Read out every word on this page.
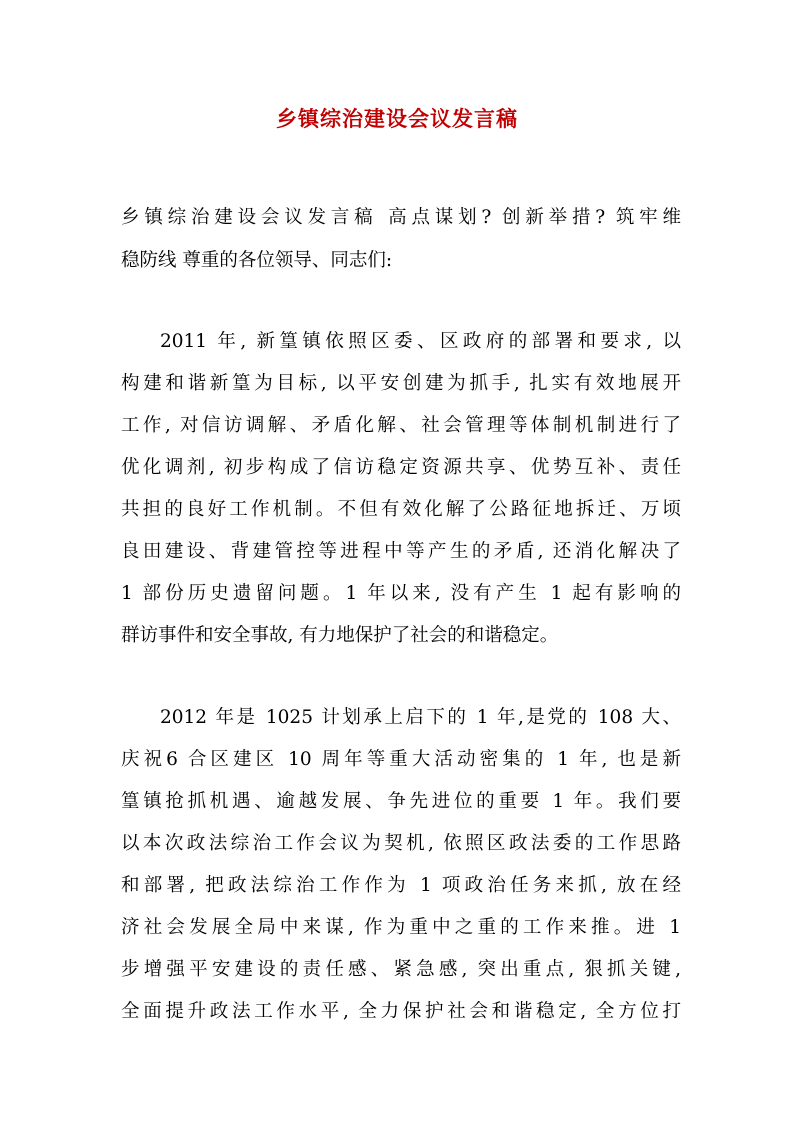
乡镇综治建设会议发言稿

乡镇综治建设会议发言稿 高点谋划? 创新举措? 筑牢维

稳防线 尊重的各位领导、同志们:

2011 年, 新篁镇依照区委、区政府的部署和要求, 以

构建和谐新篁为目标, 以平安创建为抓手, 扎实有效地展开

工作, 对信访调解、矛盾化解、社会管理等体制机制进行了

优化调剂, 初步构成了信访稳定资源共享、优势互补、责任

共担的良好工作机制。不但有效化解了公路征地拆迁、万顷

良田建设、背建管控等进程中等产生的矛盾, 还消化解决了

1 部份历史遗留问题。1 年以来, 没有产生 1 起有影响的

群访事件和安全事故, 有力地保护了社会的和谐稳定。

2012 年是 1025 计划承上启下的 1 年,是党的 108 大、

庆祝6 合区建区 10 周年等重大活动密集的 1 年, 也是新

篁镇抢抓机遇、逾越发展、争先进位的重要 1 年。我们要

以本次政法综治工作会议为契机, 依照区政法委的工作思路

和部署, 把政法综治工作作为 1 项政治任务来抓, 放在经

济社会发展全局中来谋, 作为重中之重的工作来推。进 1

步增强平安建设的责任感、紧急感, 突出重点, 狠抓关键,

全面提升政法工作水平, 全力保护社会和谐稳定, 全方位打
